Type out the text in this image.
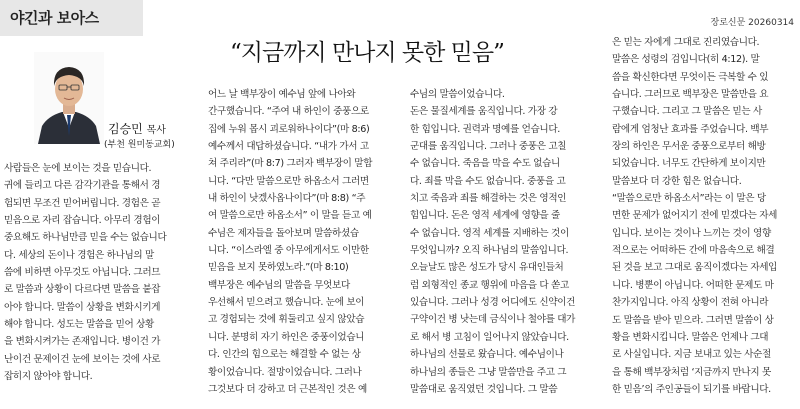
야긴과 보아스	장로신문 20260314
“지금까지 만나지 못한 믿음”
김승민 목사
(부천 원미동교회)
사람들은 눈에 보이는 것을 믿습니다.
귀에 들리고 다른 감각기관을 통해서 경
험되면 무조건 믿어버립니다. 경험은 곧
믿음으로 자리 잡습니다. 아무리 경험이
중요해도 하나님만큼 믿을 수는 없습니다
다. 세상의 돈이나 경험은 하나님의 말
씀에 비하면 아무것도 아닙니다. 그러므
로 말씀과 상황이 다르다면 말씀을 붙잡
아야 합니다. 말씀이 상황을 변화시키게
해야 합니다. 성도는 말씀을 믿어 상황
을 변화시켜가는 존재입니다. 병이건 가
난이건 문제이건 눈에 보이는 것에 사로
잡히지 않아야 합니다.
어느 날 백부장이 예수님 앞에 나아와
간구했습니다. “주여 내 하인이 중풍으로
집에 누워 몹시 괴로워하나이다”(마 8:6)
예수께서 대답하셨습니다. “내가 가서 고
쳐 주리라”(마 8:7) 그러자 백부장이 말합
니다. “다만 말씀으로만 하옵소서 그러면
내 하인이 낫겠사옵나이다”(마 8:8) “주
여 말씀으로만 하옵소서” 이 말을 듣고 예
수님은 제자들을 돌아보며 말씀하셨습
니다. “이스라엘 중 아무에게서도 이만한
믿음을 보지 못하였노라.”(마 8:10)
백부장은 예수님의 말씀을 무엇보다
우선해서 믿으려고 했습니다. 눈에 보이
고 경험되는 것에 휘둘리고 싶지 않았습
니다. 분명히 자기 하인은 중풍이었습니
다. 인간의 힘으로는 해결할 수 없는 상
황이었습니다. 절망이었습니다. 그러나
그것보다 더 강하고 더 근본적인 것은 예
수님의 말씀이었습니다.
돈은 물질세계를 움직입니다. 가장 강
한 힘입니다. 권력과 명예를 얻습니다.
군대를 움직입니다. 그러나 중풍은 고칠
수 없습니다. 죽음을 막을 수도 없습니
다. 죄를 막을 수도 없습니다. 중풍을 고
치고 죽음과 죄를 해결하는 것은 영적인
힘입니다. 돈은 영적 세계에 영향을 줄
수 없습니다. 영적 세계를 지배하는 것이
무엇입니까? 오직 하나님의 말씀입니다.
오늘날도 많은 성도가 당시 유대인들처
럼 외형적인 종교 행위에 마음을 다 쏟고
있습니다. 그러나 성경 어디에도 신약이건
구약이건 병 낫는데 금식이나 철야를 대가
로 해서 병 고침이 일어나지 않았습니다.
하나님의 선물로 왔습니다. 예수님이나
하나님의 종들은 그냥 말씀만을 주고 그
말씀대로 움직였던 것입니다. 그 말씀
은 믿는 자에게 그대로 진리였습니다.
말씀은 성령의 검입니다(히 4:12). 말
씀을 확신한다면 무엇이든 극복할 수 있
습니다. 그러므로 백부장은 말씀만을 요
구했습니다. 그리고 그 말씀은 믿는 사
람에게 엄청난 효과를 주었습니다. 백부
장의 하인은 무서운 중풍으로부터 해방
되었습니다. 너무도 간단하게 보이지만
말씀보다 더 강한 힘은 없습니다.
“말씀으로만 하옵소서”라는 이 말은 당
면한 문제가 없어지기 전에 믿겠다는 자세
입니다. 보이는 것이나 느끼는 것이 영향
적으로는 어떠하든 간에 마음속으로 해결
된 것을 보고 그대로 움직이겠다는 자세입
니다. 병뿐이 아닙니다. 어떠한 문제도 마
찬가지입니다. 아직 상황이 전혀 아니라
도 말씀을 받아 믿으라. 그러면 말씀이 상
황을 변화시킵니다. 말씀은 언제나 그대
로 사실입니다. 지금 보내고 있는 사순절
을 통해 백부장처럼 ‘지금까지 만나지 못
한 믿음’의 주인공들이 되기를 바랍니다.
